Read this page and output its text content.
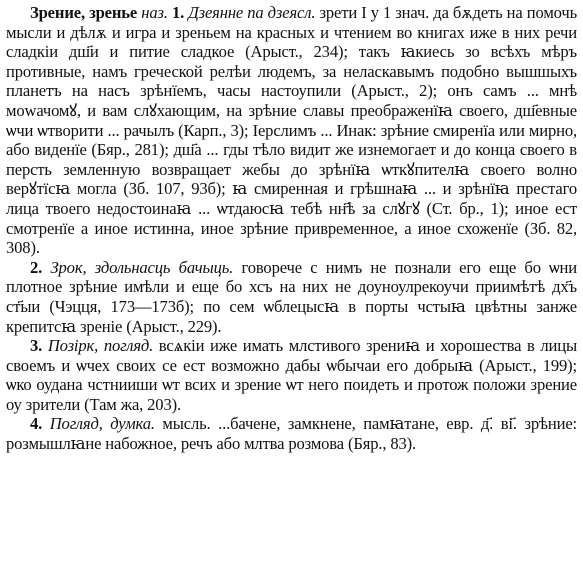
Зрение, зренье наз. 1. Дзеянне па дзеясл. зрети I у 1 знач. да бѫдеть на помочь мысли и дѣлѫ и игра и зреньем на красных и чтением во книгах иже в них речи сладкiи дш҃и и питие сладкое (Арыст., 234); такъ ꙗкиесь зо всѣхъ мѣръ противные, намъ греческой релѣи людемъ, за неласкавымъ подобно вышшыхъ планетъ на насъ зрѣнїемъ, часы настоупили (Арыст., 2); онъ самъ ... мнѣ моwачомꙋ, и вам слꙋхающим, на зрѣние славы преображенїꙗ своего, дш҃евные ѡчи ѡтворити ... рачылъ (Карп., 3); Іерслимъ ... Инак: зрѣние смиренїа или мирно, або виденїе (Бяр., 281); дш҃а ... гды тѣло видит же изнемогает и до конца своего в перcть земленную возвращает жебы до зрѣнїꙗ ѡткꙋпителꙗ своего волно верꙋтїсꙗ могла (Зб. 107, 93б); ꙗ смиренная и грѣшнаꙗ ... и зрѣнїꙗ престаго лица твоего недостоинаꙗ ... ѡтдаюсꙗ тебѣ нн҃ѣ за слꙋгꙋ (Ст. бр., 1); иное ест смотренїе а иное истинна, иное зрѣние привременное, а иное схоженїе (Зб. 82, 308).

2. Зрок, здольнасць бачыць. говорече с нимъ не познали его еще бо ѡни плотное зрѣние имѣли и еще бо хсъ на них не доуноулрекоучи приимѣтѣ дх҃ъ ст҃ыи (Чэцця, 173—173б); по сем ѡблецысꙗ в порты чстыꙗ цвѣтны занже крепитсꙗ зреніе (Арыст., 229).

3. Позірк, погляд. всѧкiи иже имать млстивого зрениꙗ и хорошества в лицы своемъ и ѡчех своих се ест возможно дабы ѡбычаи его добрыꙗ (Арыст., 199); ѡко оудана чстнииши ѡт всих и зрение ѡт него поидеть и протож положи зрение оу зрители (Там жа, 203).

4. Погляд, думка. мысль. ...бачене, замкнене, памꙗтане, евр. д҃. ві҃. зрѣние: розмышлꙗне набожное, речъ або млтва розмова (Бяр., 83).
